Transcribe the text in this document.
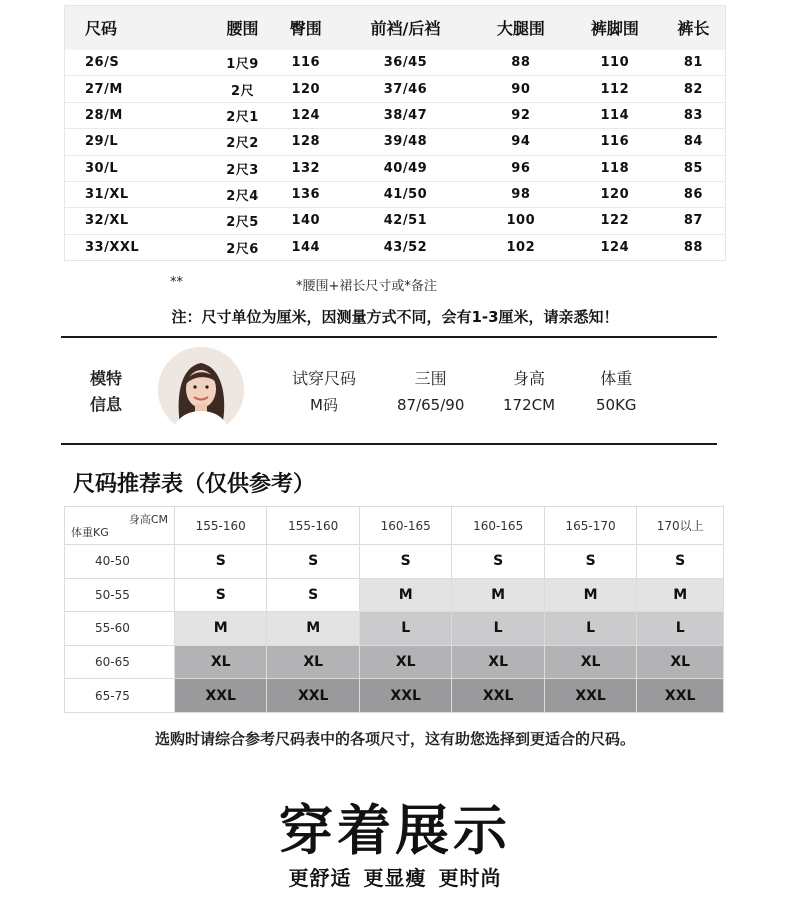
尺码	腰围	臀围	前裆/后裆	大腿围	裤脚围	裤长
26/S	1尺9	116	36/45	88	110	81
27/M	2尺	120	37/46	90	112	82
28/M	2尺1	124	38/47	92	114	83
29/L	2尺2	128	39/48	94	116	84
30/L	2尺3	132	40/49	96	118	85
31/XL	2尺4	136	41/50	98	120	86
32/XL	2尺5	140	42/51	100	122	87
33/XXL	2尺6	144	43/52	102	124	88
**	*腰围+裙长尺寸或*备注
注：尺寸单位为厘米，因测量方式不同，会有1-3厘米，请亲悉知！
模特
信息
试穿尺码
M码
三围
87/65/90
身高
172CM
体重
50KG
尺码推荐表（仅供参考）
身高CM
体重KG	155-160	155-160	160-165	160-165	165-170	170以上
40-50	S	S	S	S	S	S
50-55	S	S	M	M	M	M
55-60	M	M	L	L	L	L
60-65	XL	XL	XL	XL	XL	XL
65-75	XXL	XXL	XXL	XXL	XXL	XXL
选购时请综合参考尺码表中的各项尺寸，这有助您选择到更适合的尺码。
穿着展示
更舒适 更显瘦 更时尚
